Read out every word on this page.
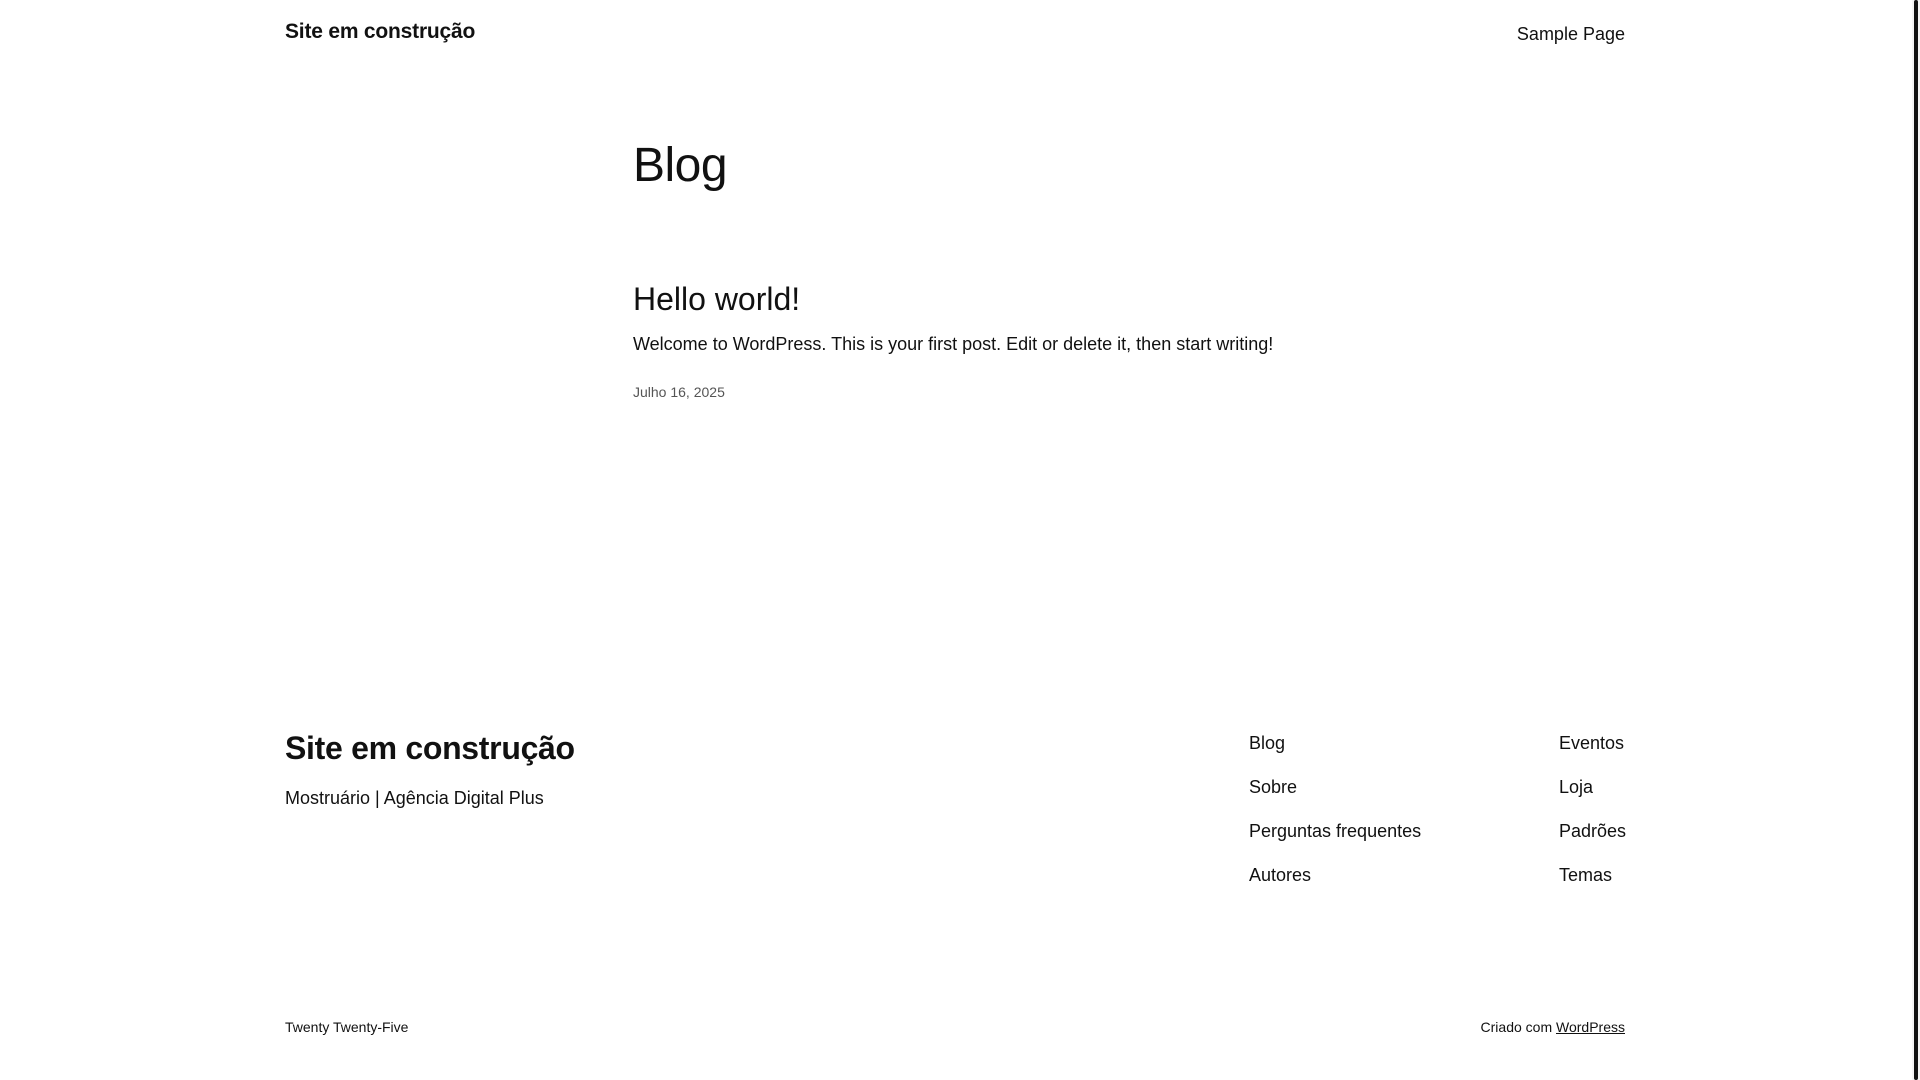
Site em construção	Sample Page
Blog
Hello world!

Welcome to WordPress. This is your first post. Edit or delete it, then start writing!

Julho 16, 2025
Site em construção
Mostruário | Agência Digital Plus
Blog
Sobre
Perguntas frequentes
Autores
Eventos
Loja
Padrões
Temas
Twenty Twenty-Five	Criado com WordPress
